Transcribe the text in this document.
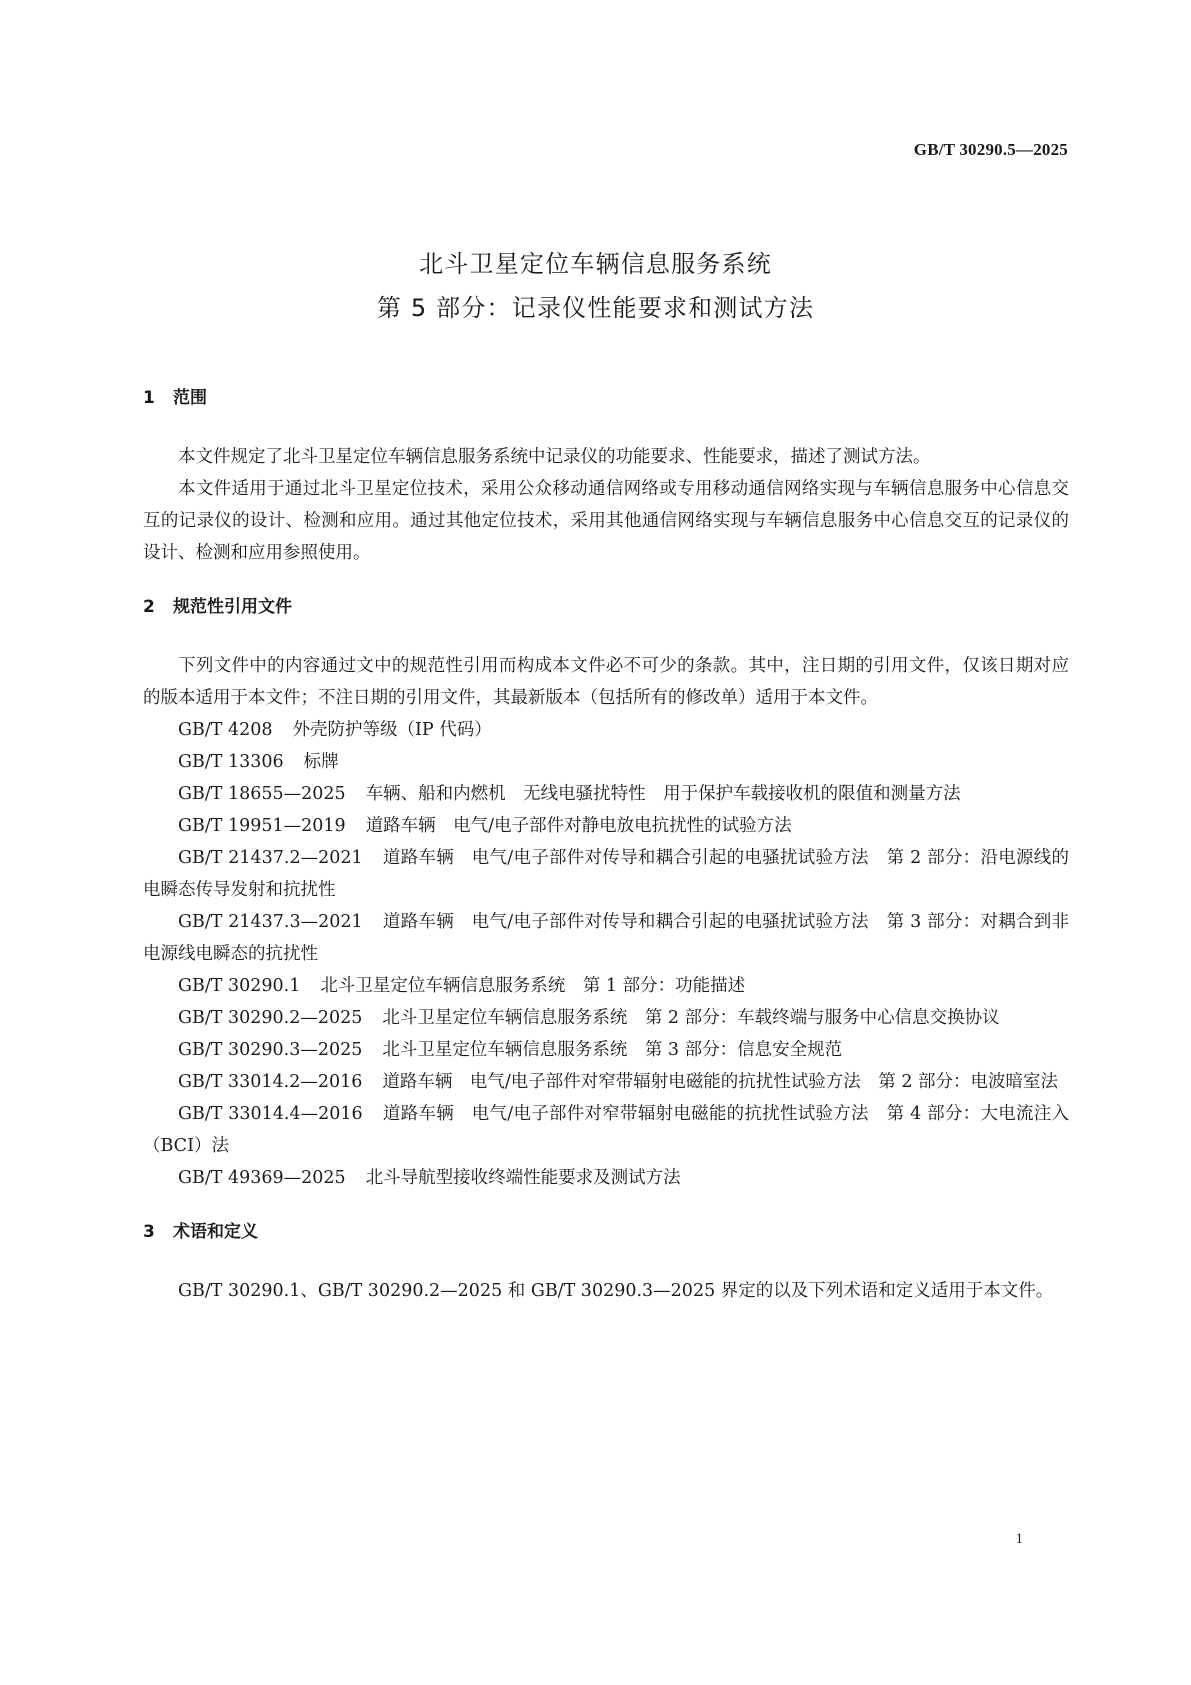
GB/T 30290.5—2025
北斗卫星定位车辆信息服务系统
第 5 部分：记录仪性能要求和测试方法
1 范围

本文件规定了北斗卫星定位车辆信息服务系统中记录仪的功能要求、性能要求，描述了测试方法。

本文件适用于通过北斗卫星定位技术，采用公众移动通信网络或专用移动通信网络实现与车辆信息服务中心信息交互的记录仪的设计、检测和应用。通过其他定位技术，采用其他通信网络实现与车辆信息服务中心信息交互的记录仪的设计、检测和应用参照使用。

2 规范性引用文件

下列文件中的内容通过文中的规范性引用而构成本文件必不可少的条款。其中，注日期的引用文件，仅该日期对应的版本适用于本文件；不注日期的引用文件，其最新版本（包括所有的修改单）适用于本文件。

GB/T 4208 外壳防护等级（IP 代码）
GB/T 13306 标牌
GB/T 18655—2025 车辆、船和内燃机　无线电骚扰特性　用于保护车载接收机的限值和测量方法
GB/T 19951—2019 道路车辆　电气/电子部件对静电放电抗扰性的试验方法
GB/T 21437.2—2021 道路车辆　电气/电子部件对传导和耦合引起的电骚扰试验方法　第 2 部分：沿电源线的电瞬态传导发射和抗扰性
GB/T 21437.3—2021 道路车辆　电气/电子部件对传导和耦合引起的电骚扰试验方法　第 3 部分：对耦合到非电源线电瞬态的抗扰性
GB/T 30290.1 北斗卫星定位车辆信息服务系统　第 1 部分：功能描述
GB/T 30290.2—2025 北斗卫星定位车辆信息服务系统　第 2 部分：车载终端与服务中心信息交换协议
GB/T 30290.3—2025 北斗卫星定位车辆信息服务系统　第 3 部分：信息安全规范
GB/T 33014.2—2016 道路车辆　电气/电子部件对窄带辐射电磁能的抗扰性试验方法　第 2 部分：电波暗室法
GB/T 33014.4—2016 道路车辆　电气/电子部件对窄带辐射电磁能的抗扰性试验方法　第 4 部分：大电流注入（BCI）法
GB/T 49369—2025 北斗导航型接收终端性能要求及测试方法
3 术语和定义

GB/T 30290.1、GB/T 30290.2—2025 和 GB/T 30290.3—2025 界定的以及下列术语和定义适用于本文件。

1
